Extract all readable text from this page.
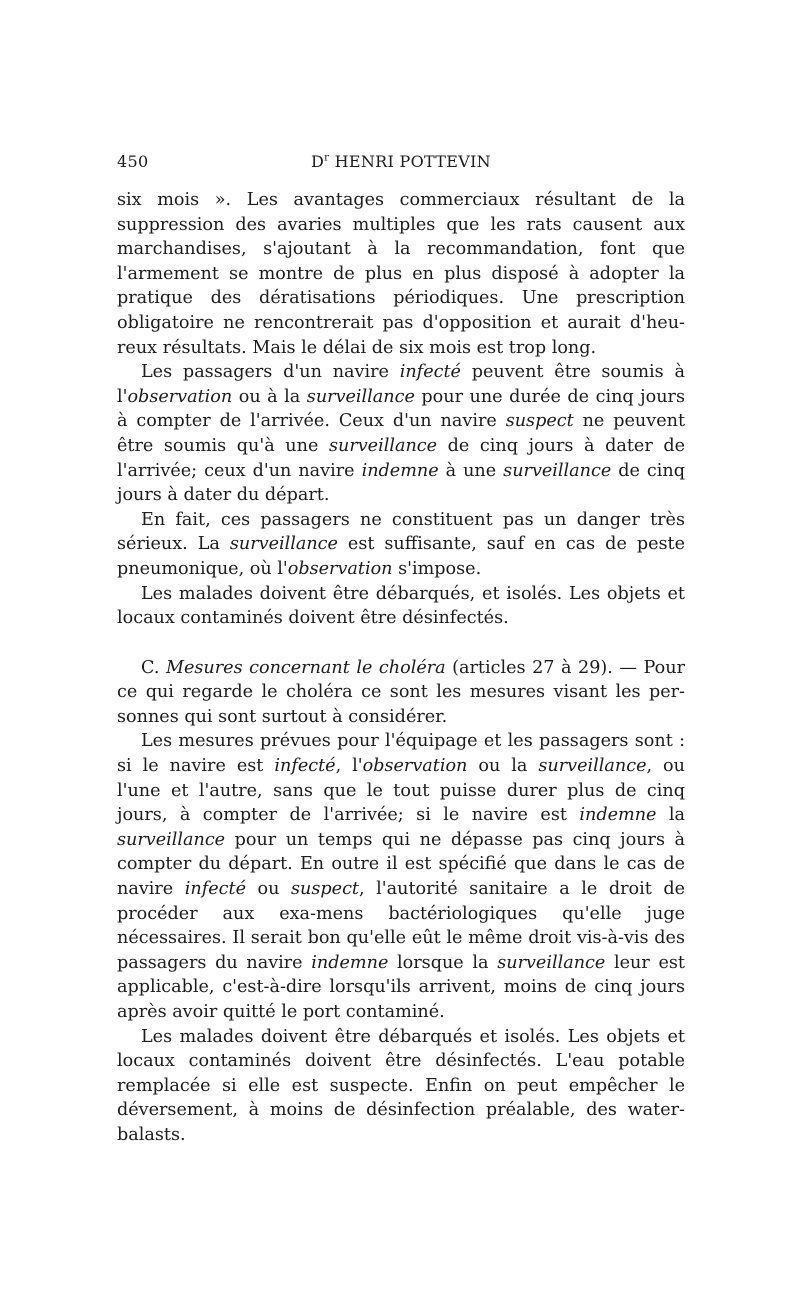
450	$D^r$ HENRI POTTEVIN

six mois ». Les avantages commerciaux résultant de la suppression des avaries multiples que les rats causent aux marchandises, s'ajoutant à la recommandation, font que l'armement se montre de plus en plus disposé à adopter la pratique des dératisations périodiques. Une prescription obligatoire ne rencontrerait pas d'opposition et aurait d'heu-reux résultats. Mais le délai de six mois est trop long.

Les passagers d'un navire infecté peuvent être soumis à l'observation ou à la surveillance pour une durée de cinq jours à compter de l'arrivée. Ceux d'un navire suspect ne peuvent être soumis qu'à une surveillance de cinq jours à dater de l'arrivée; ceux d'un navire indemne à une surveillance de cinq jours à dater du départ.

En fait, ces passagers ne constituent pas un danger très sérieux. La surveillance est suffisante, sauf en cas de peste pneumonique, où l'observation s'impose.

Les malades doivent être débarqués, et isolés. Les objets et locaux contaminés doivent être désinfectés.

C. Mesures concernant le choléra (articles 27 à 29). — Pour ce qui regarde le choléra ce sont les mesures visant les per-sonnes qui sont surtout à considérer.

Les mesures prévues pour l'équipage et les passagers sont : si le navire est infecté, l'observation ou la surveillance, ou l'une et l'autre, sans que le tout puisse durer plus de cinq jours, à compter de l'arrivée; si le navire est indemne la surveillance pour un temps qui ne dépasse pas cinq jours à compter du départ. En outre il est spécifié que dans le cas de navire infecté ou suspect, l'autorité sanitaire a le droit de procéder aux exa-mens bactériologiques qu'elle juge nécessaires. Il serait bon qu'elle eût le même droit vis-à-vis des passagers du navire indemne lorsque la surveillance leur est applicable, c'est-à-dire lorsqu'ils arrivent, moins de cinq jours après avoir quitté le port contaminé.

Les malades doivent être débarqués et isolés. Les objets et locaux contaminés doivent être désinfectés. L'eau potable remplacée si elle est suspecte. Enfin on peut empêcher le déversement, à moins de désinfection préalable, des water-balasts.
